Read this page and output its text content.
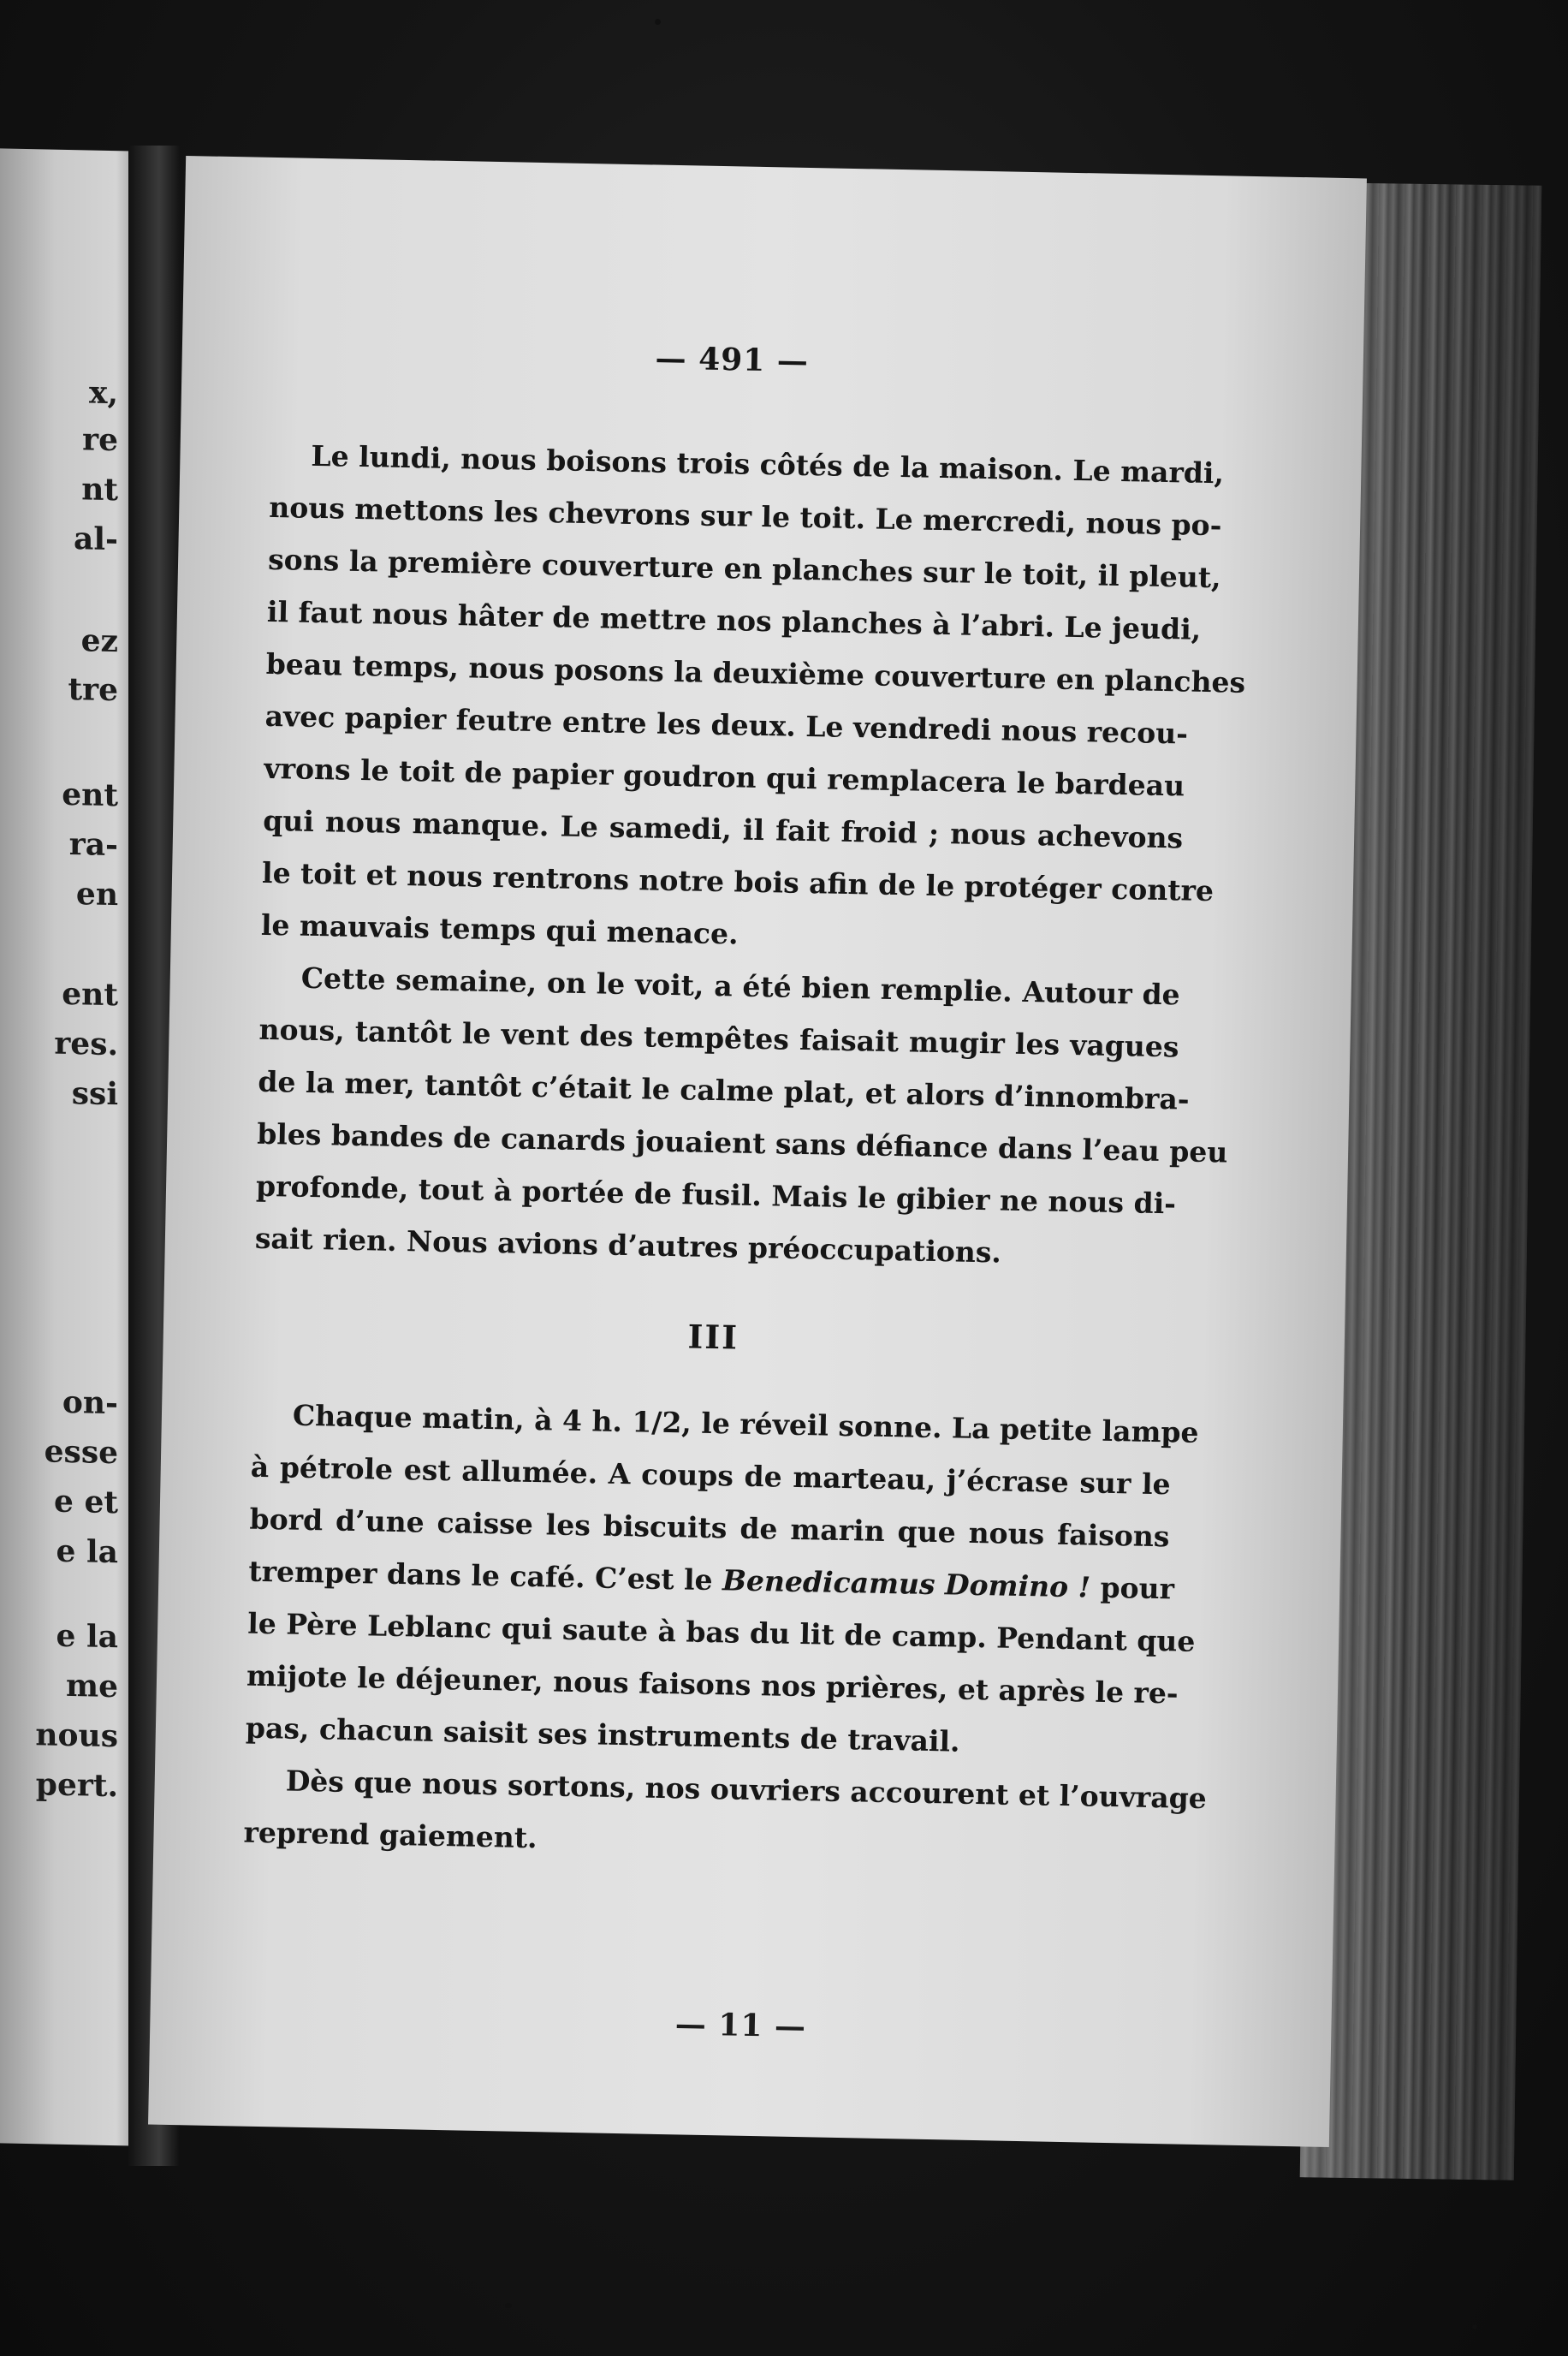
x,
re
nt
al-
ez
tre
ent
ra-
en
ent
res.
ssi
on-
esse
e et
e la
e la
me
nous
pert.
— 491 —
Le lundi, nous boisons trois côtés de la maison. Le mardi,
nous mettons les chevrons sur le toit. Le mercredi, nous po-
sons la première couverture en planches sur le toit, il pleut,
il faut nous hâter de mettre nos planches à l’abri. Le jeudi,
beau temps, nous posons la deuxième couverture en planches
avec papier feutre entre les deux. Le vendredi nous recou-
vrons le toit de papier goudron qui remplacera le bardeau
qui nous manque. Le samedi, il fait froid ; nous achevons
le toit et nous rentrons notre bois afin de le protéger contre
le mauvais temps qui menace.
Cette semaine, on le voit, a été bien remplie. Autour de
nous, tantôt le vent des tempêtes faisait mugir les vagues
de la mer, tantôt c’était le calme plat, et alors d’innombra-
bles bandes de canards jouaient sans défiance dans l’eau peu
profonde, tout à portée de fusil. Mais le gibier ne nous di-
sait rien. Nous avions d’autres préoccupations.
III
Chaque matin, à 4 h. 1/2, le réveil sonne. La petite lampe
à pétrole est allumée. A coups de marteau, j’écrase sur le
bord d’une caisse les biscuits de marin que nous faisons
tremper dans le café. C’est le Benedicamus Domino ! pour
le Père Leblanc qui saute à bas du lit de camp. Pendant que
mijote le déjeuner, nous faisons nos prières, et après le re-
pas, chacun saisit ses instruments de travail.
Dès que nous sortons, nos ouvriers accourent et l’ouvrage
reprend gaiement.
— 11 —
